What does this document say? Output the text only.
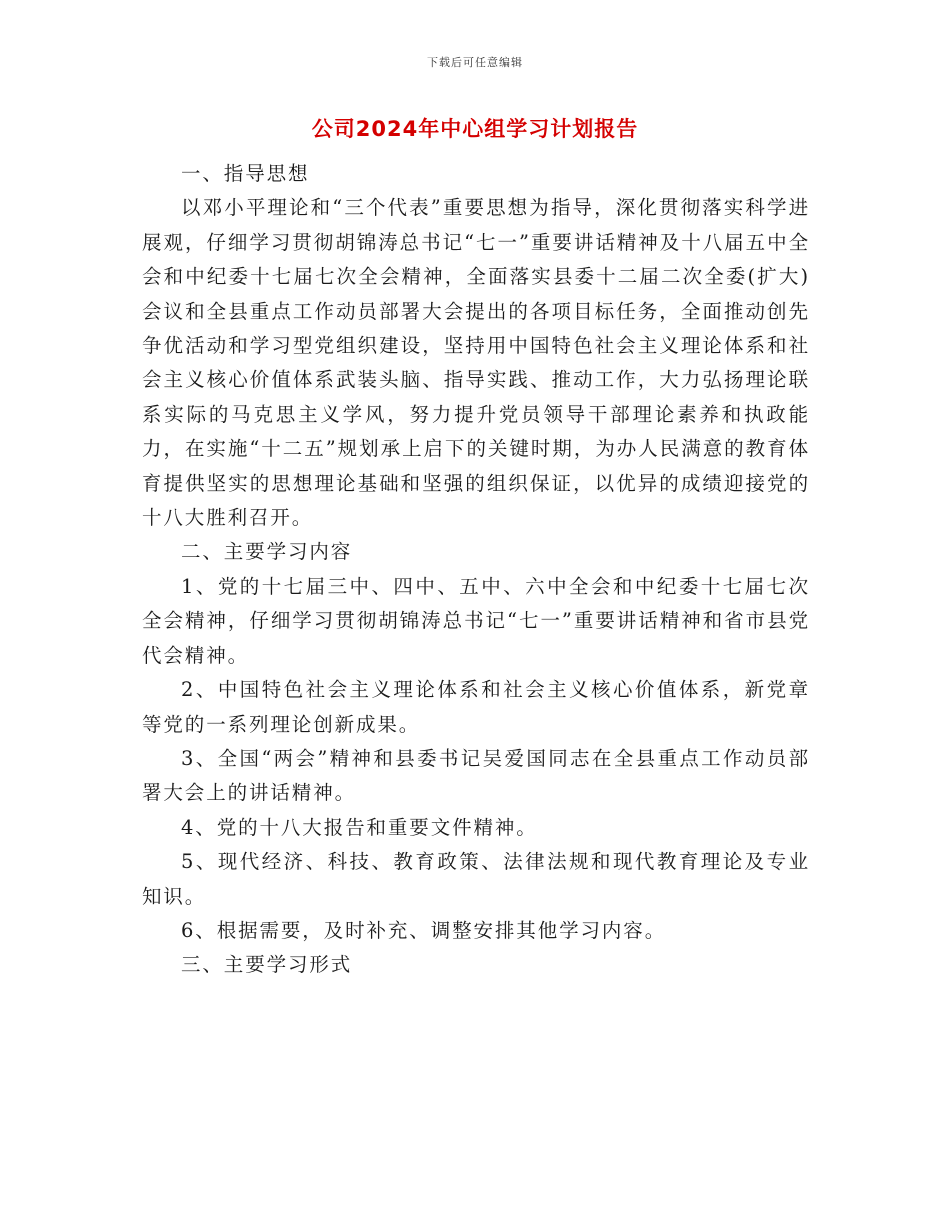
下载后可任意编辑
公司2024年中心组学习计划报告

一、指导思想

以邓小平理论和“三个代表”重要思想为指导，深化贯彻落实科学进展观，仔细学习贯彻胡锦涛总书记“七一”重要讲话精神及十八届五中全会和中纪委十七届七次全会精神，全面落实县委十二届二次全委(扩大)会议和全县重点工作动员部署大会提出的各项目标任务，全面推动创先争优活动和学习型党组织建设，坚持用中国特色社会主义理论体系和社会主义核心价值体系武装头脑、指导实践、推动工作，大力弘扬理论联系实际的马克思主义学风，努力提升党员领导干部理论素养和执政能力，在实施“十二五”规划承上启下的关键时期，为办人民满意的教育体育提供坚实的思想理论基础和坚强的组织保证，以优异的成绩迎接党的十八大胜利召开。

二、主要学习内容

1、党的十七届三中、四中、五中、六中全会和中纪委十七届七次全会精神，仔细学习贯彻胡锦涛总书记“七一”重要讲话精神和省市县党代会精神。

2、中国特色社会主义理论体系和社会主义核心价值体系，新党章等党的一系列理论创新成果。

3、全国“两会”精神和县委书记吴爱国同志在全县重点工作动员部署大会上的讲话精神。

4、党的十八大报告和重要文件精神。

5、现代经济、科技、教育政策、法律法规和现代教育理论及专业知识。

6、根据需要，及时补充、调整安排其他学习内容。

三、主要学习形式
